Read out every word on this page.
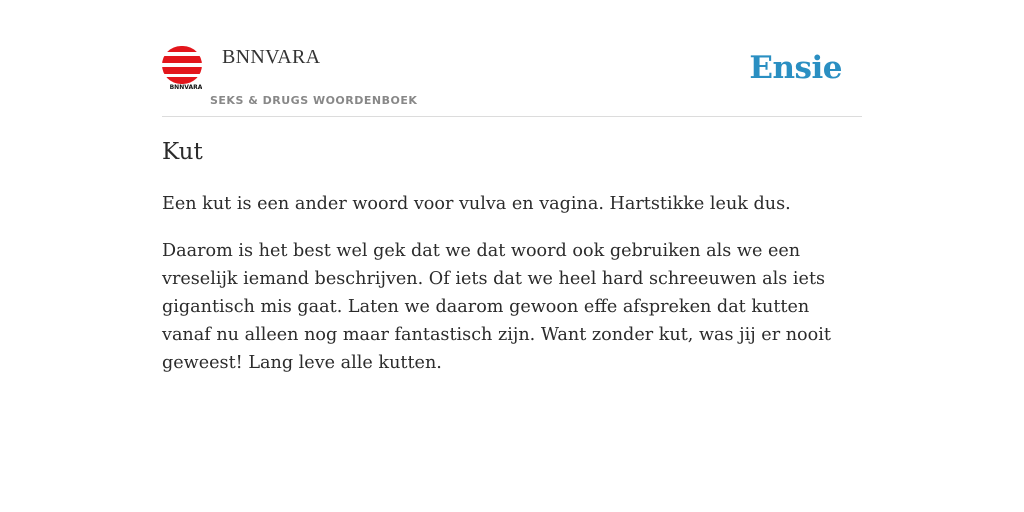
BNNVARA
BNNVARA
SEKS & DRUGS WOORDENBOEK
Ensie
Kut

Een kut is een ander woord voor vulva en vagina. Hartstikke leuk dus.

Daarom is het best wel gek dat we dat woord ook gebruiken als we een vreselijk iemand beschrijven. Of iets dat we heel hard schreeuwen als iets gigantisch mis gaat. Laten we daarom gewoon effe afspreken dat kutten vanaf nu alleen nog maar fantastisch zijn. Want zonder kut, was jij er nooit geweest! Lang leve alle kutten.
